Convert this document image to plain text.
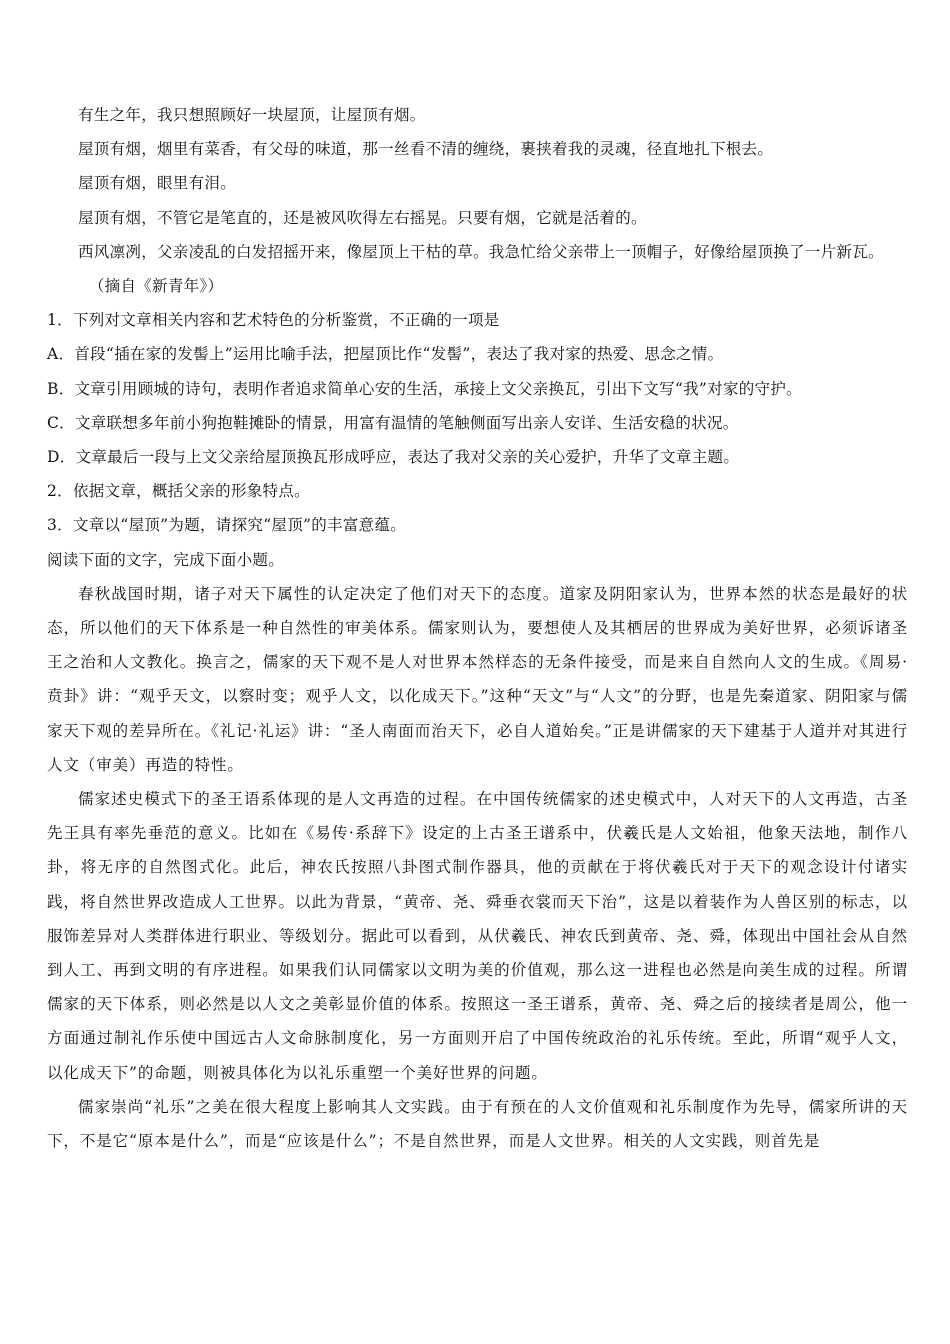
有生之年，我只想照顾好一块屋顶，让屋顶有烟。

屋顶有烟，烟里有菜香，有父母的味道，那一丝看不清的缠绕，裹挟着我的灵魂，径直地扎下根去。

屋顶有烟，眼里有泪。

屋顶有烟，不管它是笔直的，还是被风吹得左右摇晃。只要有烟，它就是活着的。

西风凛冽，父亲凌乱的白发招摇开来，像屋顶上干枯的草。我急忙给父亲带上一顶帽子，好像给屋顶换了一片新瓦。

（摘自《新青年》）

1．下列对文章相关内容和艺术特色的分析鉴赏，不正确的一项是

A．首段“插在家的发髻上”运用比喻手法，把屋顶比作“发髻”，表达了我对家的热爱、思念之情。

B．文章引用顾城的诗句，表明作者追求简单心安的生活，承接上文父亲换瓦，引出下文写“我”对家的守护。

C．文章联想多年前小狗抱鞋摊卧的情景，用富有温情的笔触侧面写出亲人安详、生活安稳的状况。

D．文章最后一段与上文父亲给屋顶换瓦形成呼应，表达了我对父亲的关心爱护，升华了文章主题。

2．依据文章，概括父亲的形象特点。

3．文章以“屋顶”为题，请探究“屋顶”的丰富意蕴。

阅读下面的文字，完成下面小题。

春秋战国时期，诸子对天下属性的认定决定了他们对天下的态度。道家及阴阳家认为，世界本然的状态是最好的状态，所以他们的天下体系是一种自然性的审美体系。儒家则认为，要想使人及其栖居的世界成为美好世界，必须诉诸圣王之治和人文教化。换言之，儒家的天下观不是人对世界本然样态的无条件接受，而是来自自然向人文的生成。《周易·贲卦》讲：“观乎天文，以察时变；观乎人文，以化成天下。”这种“天文”与“人文”的分野，也是先秦道家、阴阳家与儒家天下观的差异所在。《礼记·礼运》讲：“圣人南面而治天下，必自人道始矣。”正是讲儒家的天下建基于人道并对其进行人文（审美）再造的特性。

儒家述史模式下的圣王语系体现的是人文再造的过程。在中国传统儒家的述史模式中，人对天下的人文再造，古圣先王具有率先垂范的意义。比如在《易传·系辞下》设定的上古圣王谱系中，伏羲氏是人文始祖，他象天法地，制作八卦，将无序的自然图式化。此后，神农氏按照八卦图式制作器具，他的贡献在于将伏羲氏对于天下的观念设计付诸实践，将自然世界改造成人工世界。以此为背景，“黄帝、尧、舜垂衣裳而天下治”，这是以着装作为人兽区别的标志，以服饰差异对人类群体进行职业、等级划分。据此可以看到，从伏羲氏、神农氏到黄帝、尧、舜，体现出中国社会从自然到人工、再到文明的有序进程。如果我们认同儒家以文明为美的价值观，那么这一进程也必然是向美生成的过程。所谓儒家的天下体系，则必然是以人文之美彰显价值的体系。按照这一圣王谱系，黄帝、尧、舜之后的接续者是周公，他一方面通过制礼作乐使中国远古人文命脉制度化，另一方面则开启了中国传统政治的礼乐传统。至此，所谓“观乎人文，以化成天下”的命题，则被具体化为以礼乐重塑一个美好世界的问题。

儒家崇尚“礼乐”之美在很大程度上影响其人文实践。由于有预在的人文价值观和礼乐制度作为先导，儒家所讲的天下，不是它“原本是什么”，而是“应该是什么”；不是自然世界，而是人文世界。相关的人文实践，则首先是
